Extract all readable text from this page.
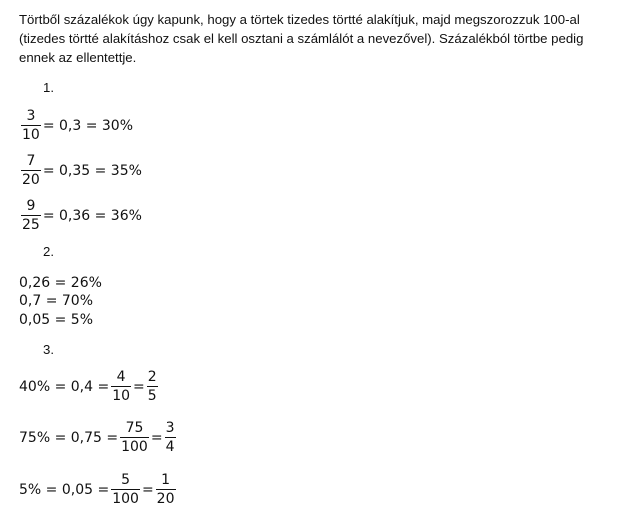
Törtből százalékok úgy kapunk, hogy a törtek tizedes törtté alakítjuk, majd megszorozzuk 100-al

(tizedes törtté alakításhoz csak el kell osztani a számlálót a nevezővel). Százalékból törtbe pedig

ennek az ellentettje.

1.
$\frac{3}{10} = 0,3 = 30\%$
$\frac{7}{20} = 0,35 = 35\%$
$\frac{9}{25} = 0,36 = 36\%$
2.
0,26 = 26%
0,7 = 70%
0,05 = 5%
3.
$40\% = 0,4 = \frac{4}{10} = \frac{2}{5}$
$75\% = 0,75 = \frac{75}{100} = \frac{3}{4}$
$5\% = 0,05 = \frac{5}{100} = \frac{1}{20}$
